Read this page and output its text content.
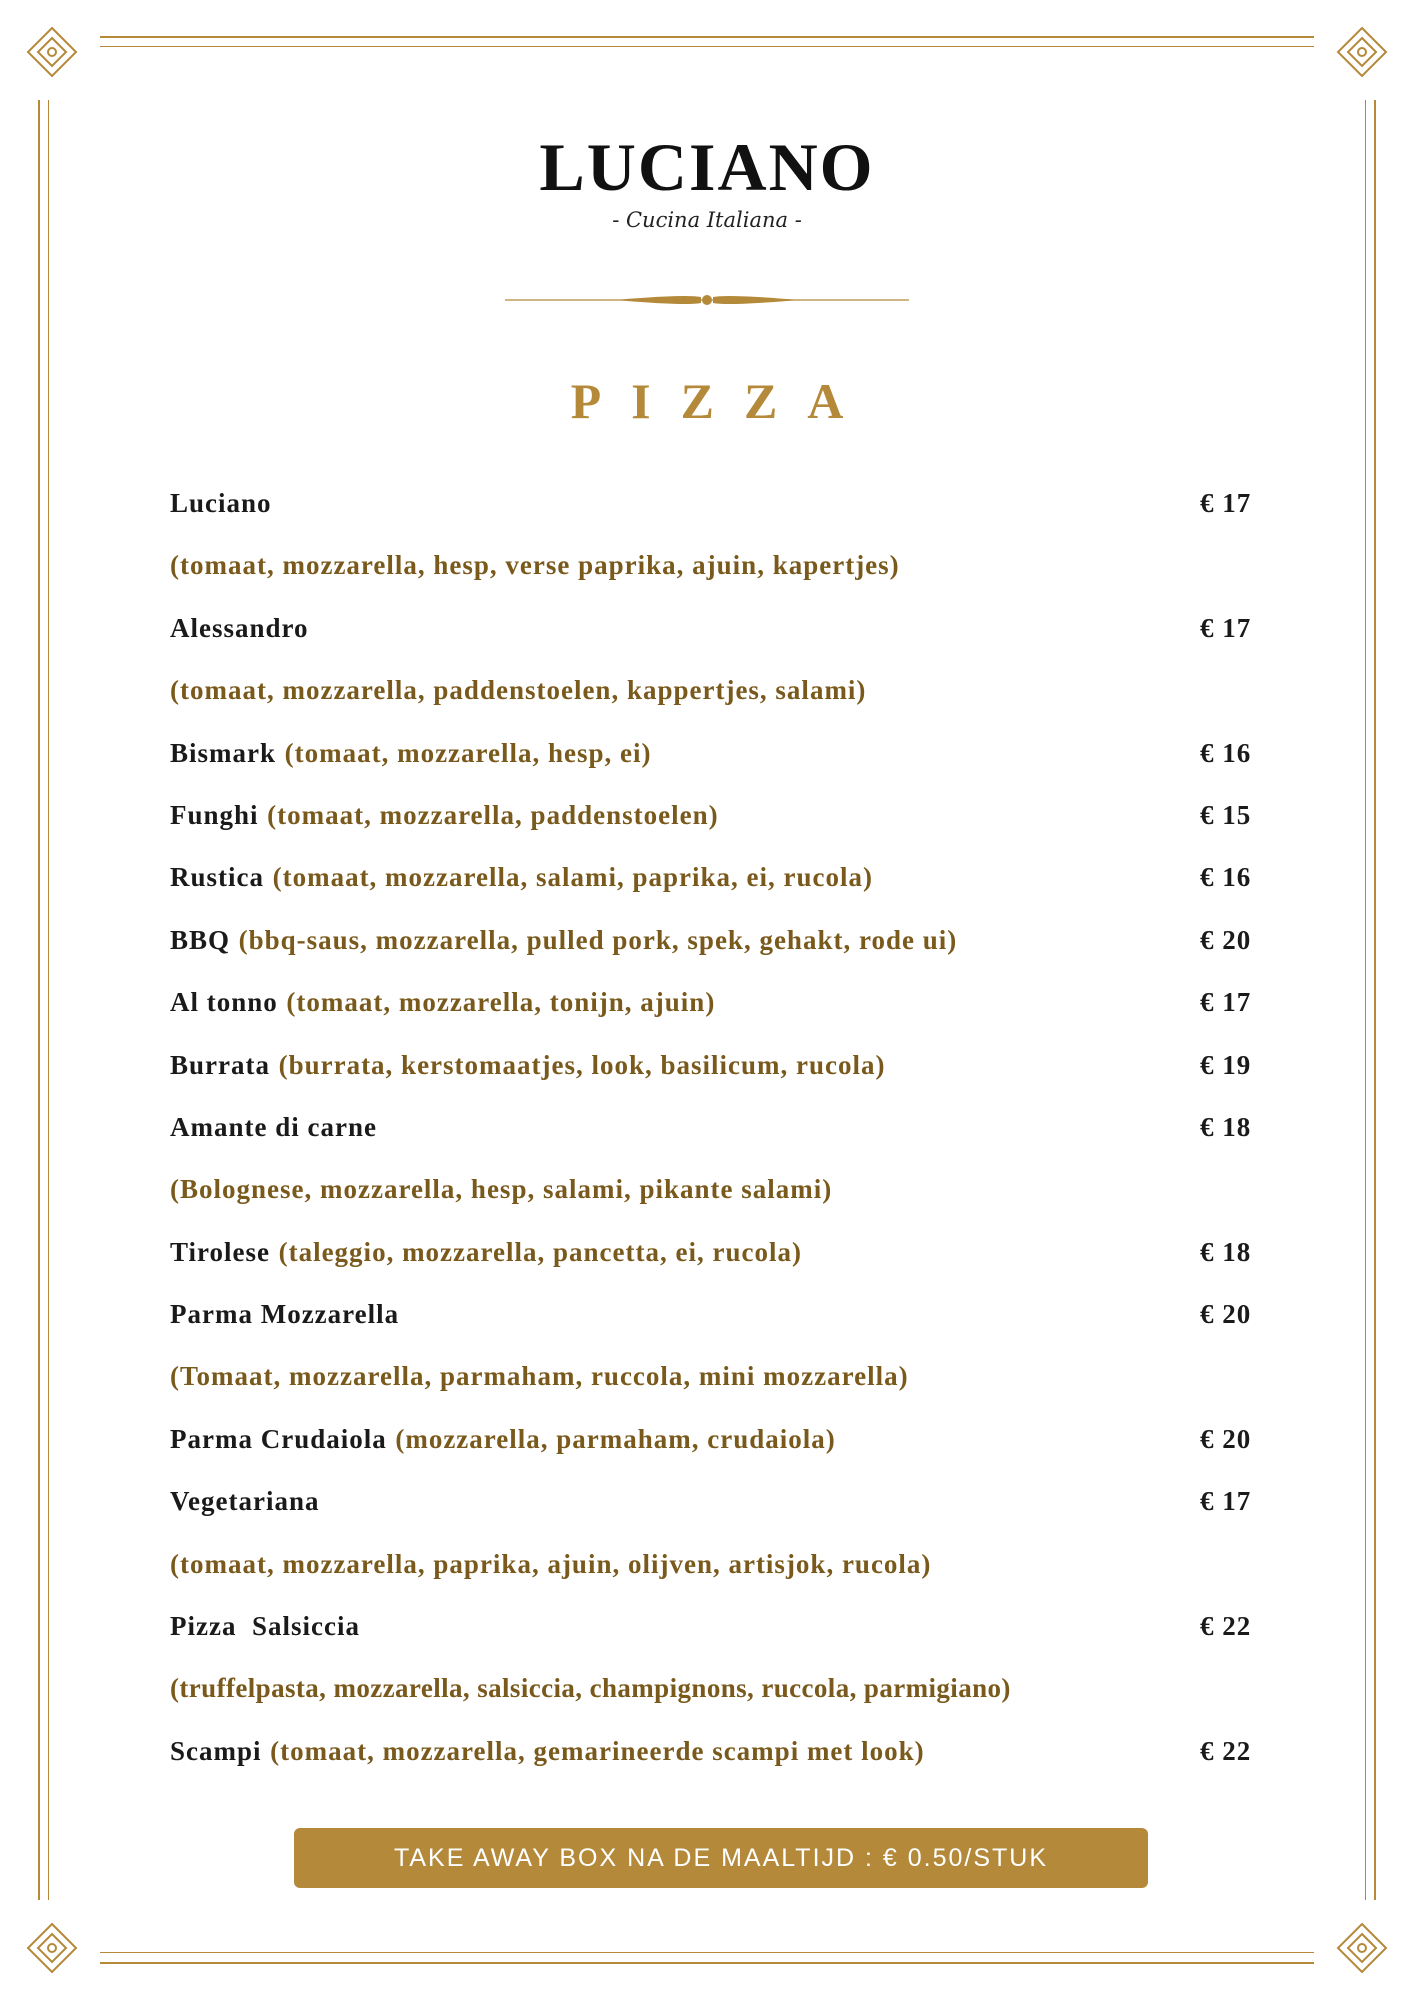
LUCIANO
- Cucina Italiana -
PIZZA
Luciano	€ 17
(tomaat, mozzarella, hesp, verse paprika, ajuin, kapertjes)
Alessandro	€ 17
(tomaat, mozzarella, paddenstoelen, kappertjes, salami)
Bismark (tomaat, mozzarella, hesp, ei)	€ 16
Funghi (tomaat, mozzarella, paddenstoelen)	€ 15
Rustica (tomaat, mozzarella, salami, paprika, ei, rucola)	€ 16
BBQ (bbq-saus, mozzarella, pulled pork, spek, gehakt, rode ui)	€ 20
Al tonno (tomaat, mozzarella, tonijn, ajuin)	€ 17
Burrata (burrata, kerstomaatjes, look, basilicum, rucola)	€ 19
Amante di carne	€ 18
(Bolognese, mozzarella, hesp, salami, pikante salami)
Tirolese (taleggio, mozzarella, pancetta, ei, rucola)	€ 18
Parma Mozzarella	€ 20
(Tomaat, mozzarella, parmaham, ruccola, mini mozzarella)
Parma Crudaiola (mozzarella, parmaham, crudaiola)	€ 20
Vegetariana	€ 17
(tomaat, mozzarella, paprika, ajuin, olijven, artisjok, rucola)
Pizza  Salsiccia	€ 22
(truffelpasta, mozzarella, salsiccia, champignons, ruccola, parmigiano)
Scampi (tomaat, mozzarella, gemarineerde scampi met look)	€ 22
TAKE AWAY BOX NA DE MAALTIJD : € 0.50/STUK
